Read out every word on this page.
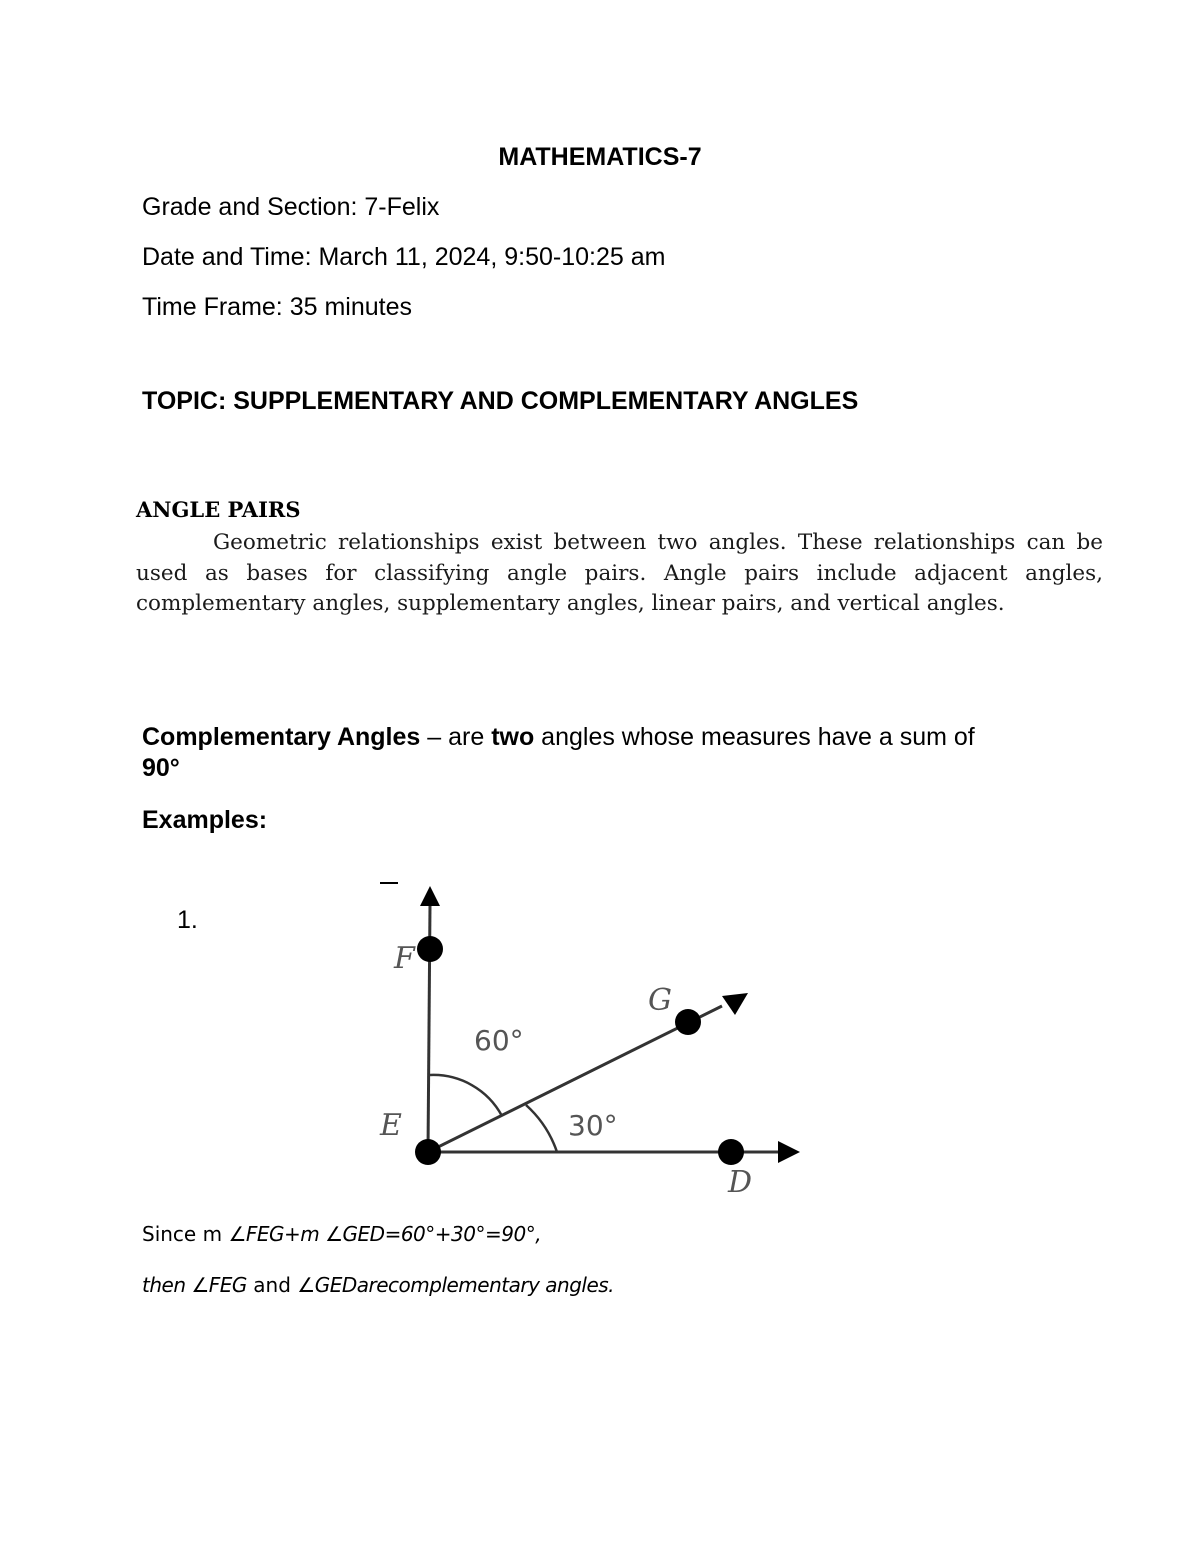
MATHEMATICS-7
Grade and Section: 7-Felix
Date and Time: March 11, 2024, 9:50-10:25 am
Time Frame: 35 minutes
TOPIC: SUPPLEMENTARY AND COMPLEMENTARY ANGLES
ANGLE PAIRS
Geometric relationships exist between two angles. These relationships can be used as bases for classifying angle pairs. Angle pairs include adjacent angles, complementary angles, supplementary angles, linear pairs, and vertical angles.
Complementary Angles – are two angles whose measures have a sum of
90°
Examples:
1.
F
G
E
D
60°
30°
Since m ∠FEG+m ∠GED=60°+30°=90°,
then ∠FEG and ∠GEDarecomplementary angles.
